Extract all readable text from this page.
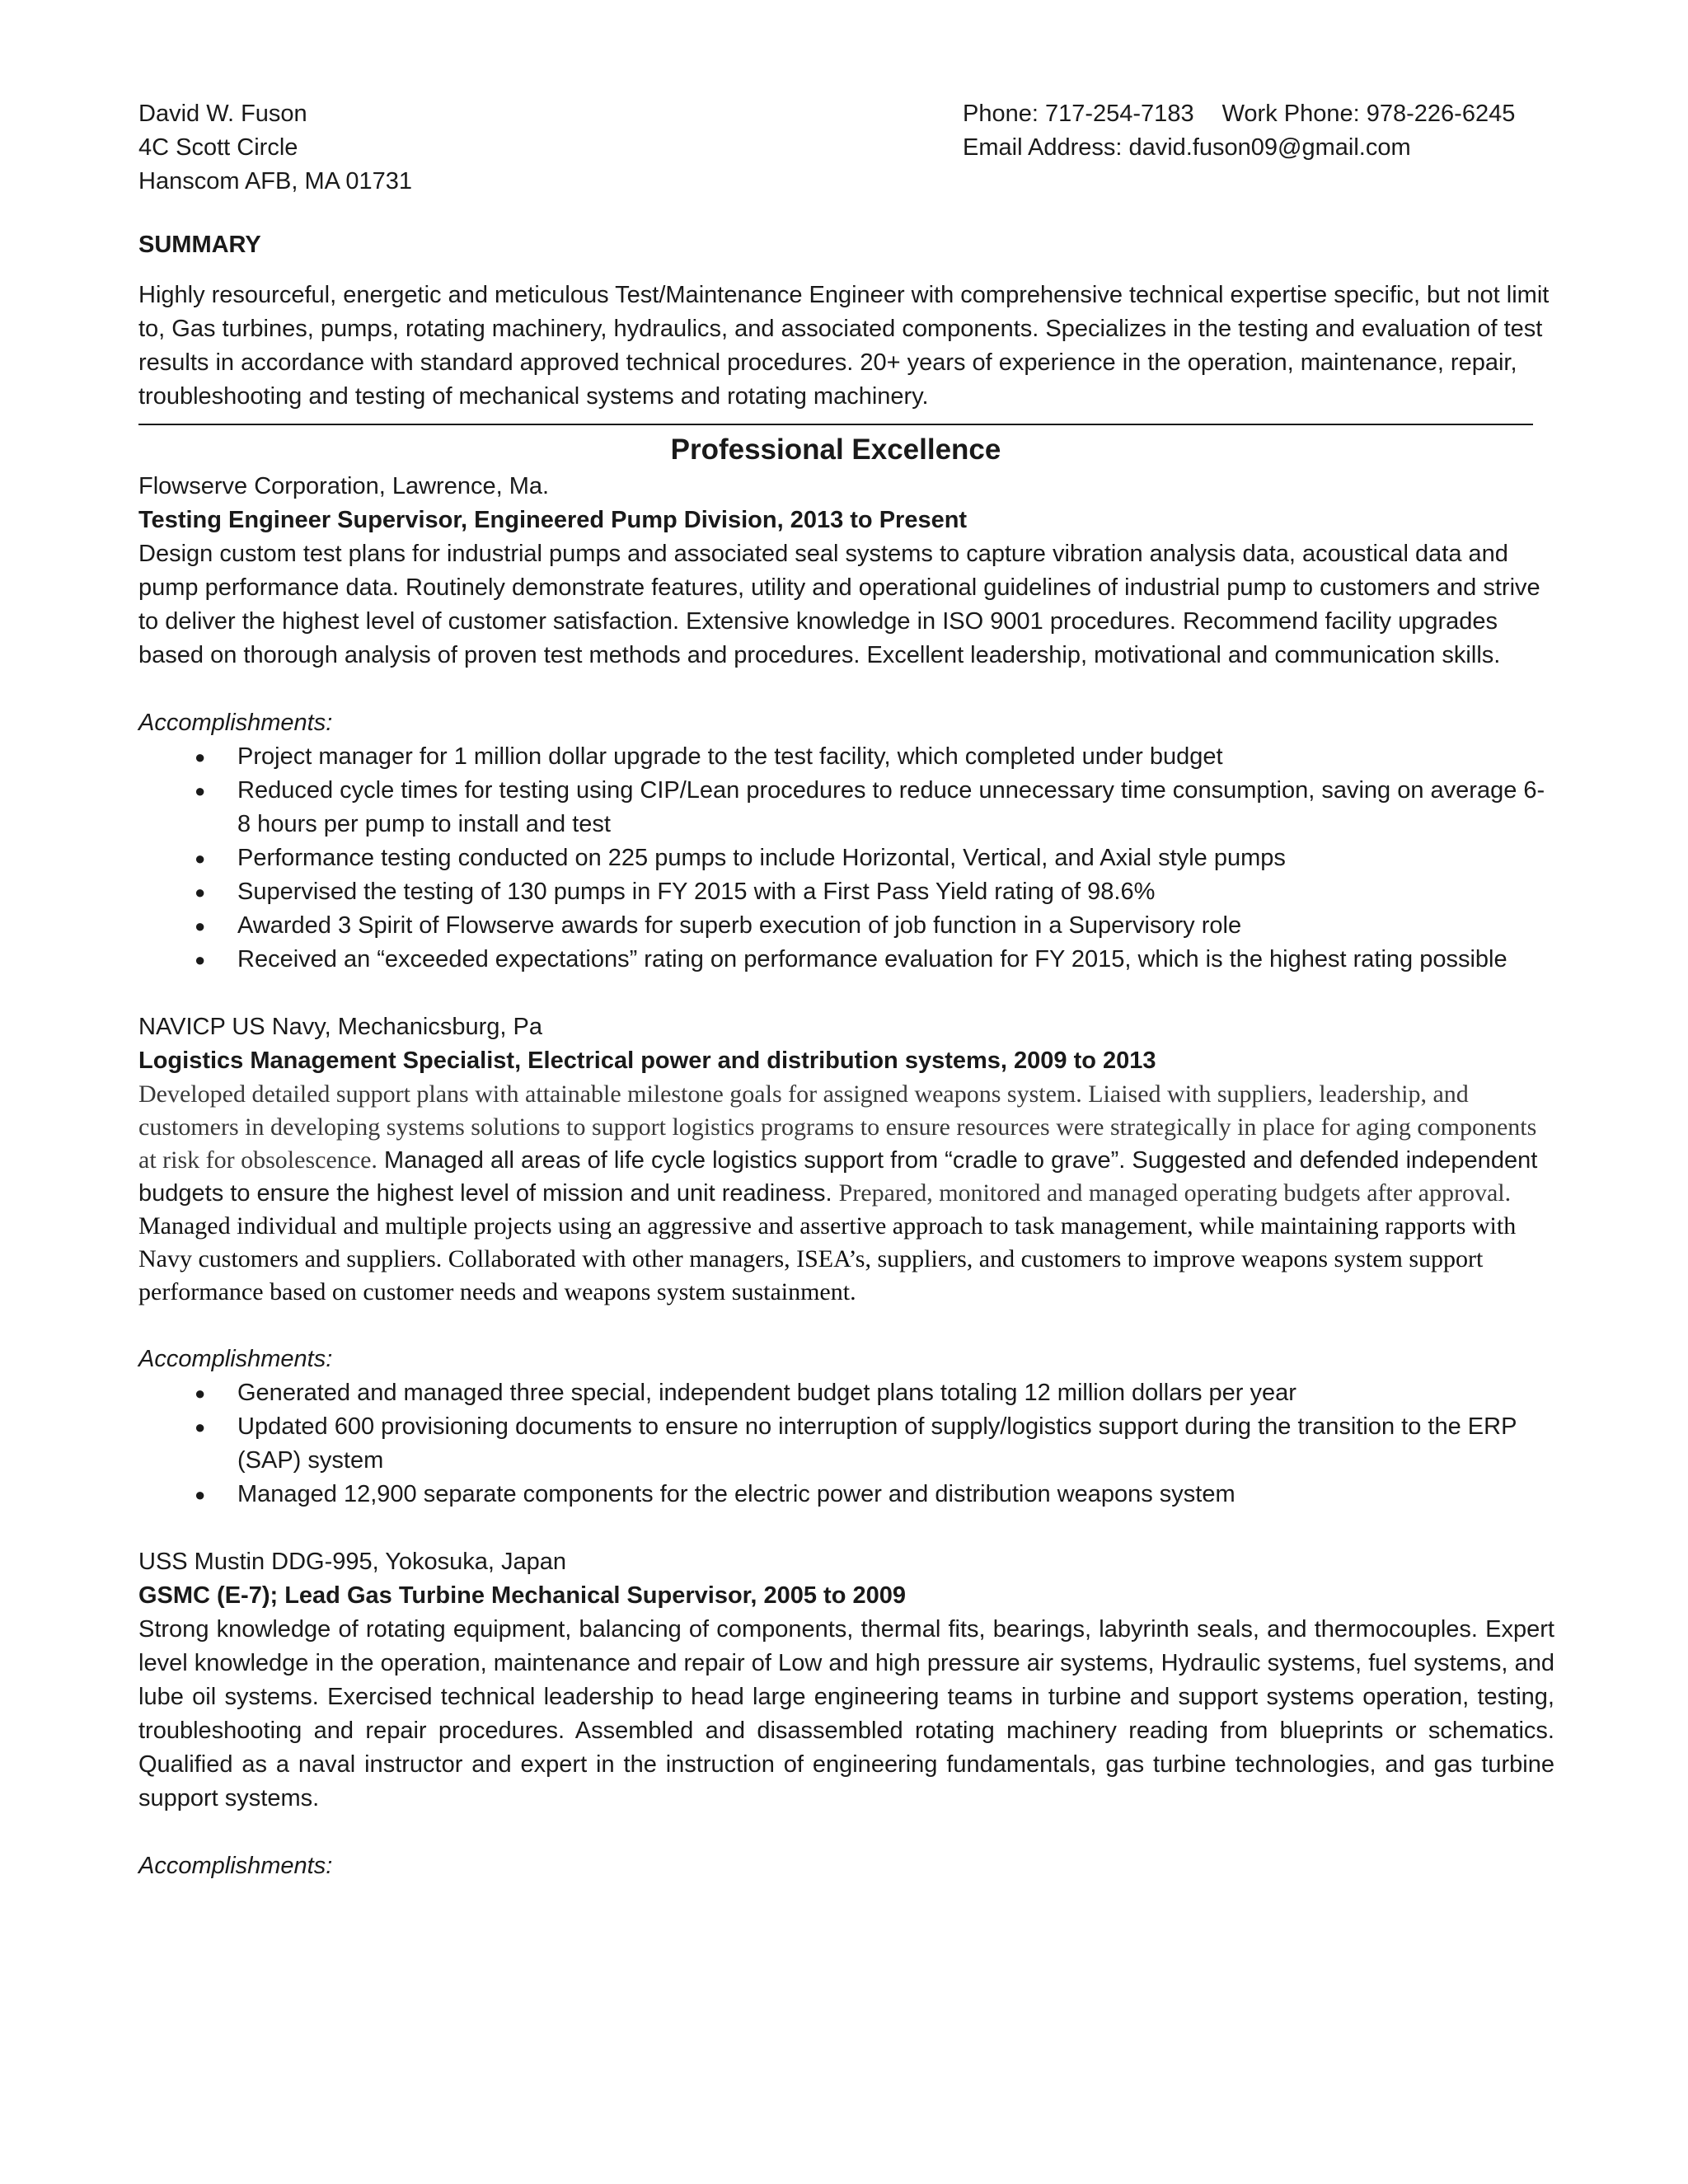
David W. Fuson
4C Scott Circle
Hanscom AFB, MA 01731
Phone: 717-254-7183 Work Phone: 978-226-6245
Email Address: david.fuson09@gmail.com
SUMMARY
Highly resourceful, energetic and meticulous Test/Maintenance Engineer with comprehensive technical expertise specific, but not limit to, Gas turbines, pumps, rotating machinery, hydraulics, and associated components. Specializes in the testing and evaluation of test results in accordance with standard approved technical procedures. 20+ years of experience in the operation, maintenance, repair, troubleshooting and testing of mechanical systems and rotating machinery.
Professional Excellence
Flowserve Corporation, Lawrence, Ma.
Testing Engineer Supervisor, Engineered Pump Division, 2013 to Present
Design custom test plans for industrial pumps and associated seal systems to capture vibration analysis data, acoustical data and pump performance data. Routinely demonstrate features, utility and operational guidelines of industrial pump to customers and strive to deliver the highest level of customer satisfaction. Extensive knowledge in ISO 9001 procedures. Recommend facility upgrades based on thorough analysis of proven test methods and procedures. Excellent leadership, motivational and communication skills.
Accomplishments:
● Project manager for 1 million dollar upgrade to the test facility, which completed under budget
● Reduced cycle times for testing using CIP/Lean procedures to reduce unnecessary time consumption, saving on average 6-8 hours per pump to install and test
● Performance testing conducted on 225 pumps to include Horizontal, Vertical, and Axial style pumps
● Supervised the testing of 130 pumps in FY 2015 with a First Pass Yield rating of 98.6%
● Awarded 3 Spirit of Flowserve awards for superb execution of job function in a Supervisory role
● Received an “exceeded expectations” rating on performance evaluation for FY 2015, which is the highest rating possible
NAVICP US Navy, Mechanicsburg, Pa
Logistics Management Specialist, Electrical power and distribution systems, 2009 to 2013
Developed detailed support plans with attainable milestone goals for assigned weapons system. Liaised with suppliers, leadership, and customers in developing systems solutions to support logistics programs to ensure resources were strategically in place for aging components at risk for obsolescence. Managed all areas of life cycle logistics support from “cradle to grave”. Suggested and defended independent budgets to ensure the highest level of mission and unit readiness. Prepared, monitored and managed operating budgets after approval. Managed individual and multiple projects using an aggressive and assertive approach to task management, while maintaining rapports with Navy customers and suppliers. Collaborated with other managers, ISEA’s, suppliers, and customers to improve weapons system support performance based on customer needs and weapons system sustainment.
Accomplishments:
● Generated and managed three special, independent budget plans totaling 12 million dollars per year
● Updated 600 provisioning documents to ensure no interruption of supply/logistics support during the transition to the ERP (SAP) system
● Managed 12,900 separate components for the electric power and distribution weapons system
USS Mustin DDG-995, Yokosuka, Japan
GSMC (E-7); Lead Gas Turbine Mechanical Supervisor, 2005 to 2009
Strong knowledge of rotating equipment, balancing of components, thermal fits, bearings, labyrinth seals, and thermocouples. Expert level knowledge in the operation, maintenance and repair of Low and high pressure air systems, Hydraulic systems, fuel systems, and lube oil systems. Exercised technical leadership to head large engineering teams in turbine and support systems operation, testing, troubleshooting and repair procedures. Assembled and disassembled rotating machinery reading from blueprints or schematics. Qualified as a naval instructor and expert in the instruction of engineering fundamentals, gas turbine technologies, and gas turbine support systems.
Accomplishments:
